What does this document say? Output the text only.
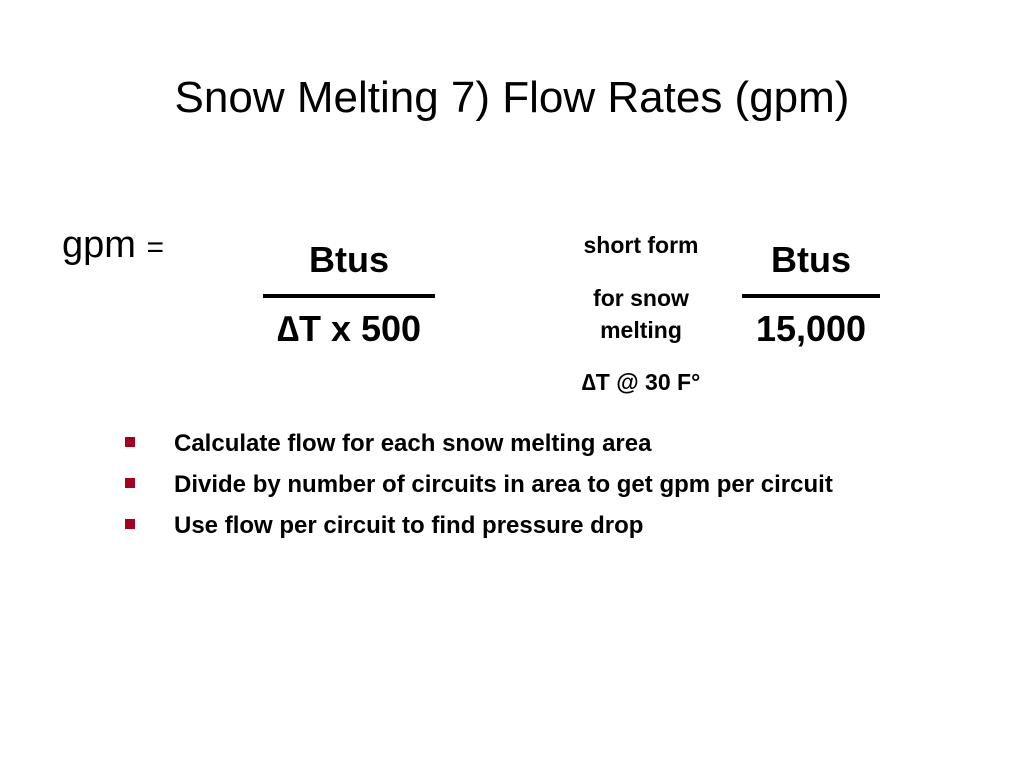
Snow Melting 7) Flow Rates (gpm)
gpm =	Btus
∆T x 500
short form
for snow melting
∆T @ 30 F°
Btus
15,000
Calculate flow for each snow melting area
Divide by number of circuits in area to get gpm per circuit
Use flow per circuit to find pressure drop
